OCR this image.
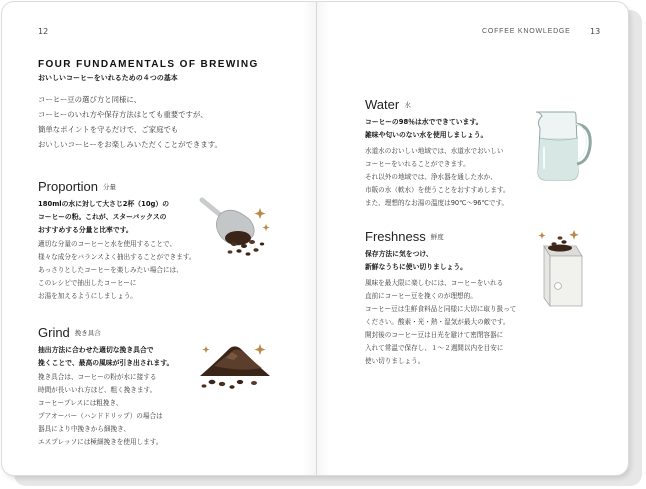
12
FOUR FUNDAMENTALS OF BREWING
おいしいコーヒーをいれるための４つの基本
コーヒー豆の選び方と同様に、
コーヒーのいれ方や保存方法はとても重要ですが、
簡単なポイントを守るだけで、ご家庭でも
おいしいコーヒーをお楽しみいただくことができます。
Proportion 分量
180mlの水に対して大さじ2杯（10g）の
コーヒーの粉。これが、スターバックスの
おすすめする分量と比率です。
適切な分量のコーヒーと水を使用することで、
様々な成分をバランスよく抽出することができます。
あっさりとしたコーヒーを楽しみたい場合には、
このレシピで抽出したコーヒーに
お湯を加えるようにしましょう。
Grind 挽き具合
抽出方法に合わせた適切な挽き具合で
挽くことで、最高の風味が引き出されます。
挽き具合は、コーヒーの粉が水に接する
時間が長いいれ方ほど、粗く挽きます。
コーヒープレスには粗挽き、
プアオーバー（ハンドドリップ）の場合は
器具により中挽きから細挽き、
エスプレッソには極細挽きを使用します。
COFFEE KNOWLEDGE 13
Water 水
コーヒーの98％は水でできています。
雑味や匂いのない水を使用しましょう。
水道水のおいしい地域では、水道水でおいしい
コーヒーをいれることができます。
それ以外の地域では、浄水器を通した水か、
市販の水（軟水）を使うことをおすすめします。
また、理想的なお湯の温度は90℃〜96℃です。
Freshness 鮮度
保存方法に気をつけ、
新鮮なうちに使い切りましょう。
風味を最大限に楽しむには、コーヒーをいれる
直前にコーヒー豆を挽くのが理想的。
コーヒー豆は生鮮食料品と同様に大切に取り扱って
ください。酸素・光・熱・湿気が最大の敵です。
開封後のコーヒー豆は日光を避けて密閉容器に
入れて常温で保存し、１〜２週間以内を目安に
使い切りましょう。
